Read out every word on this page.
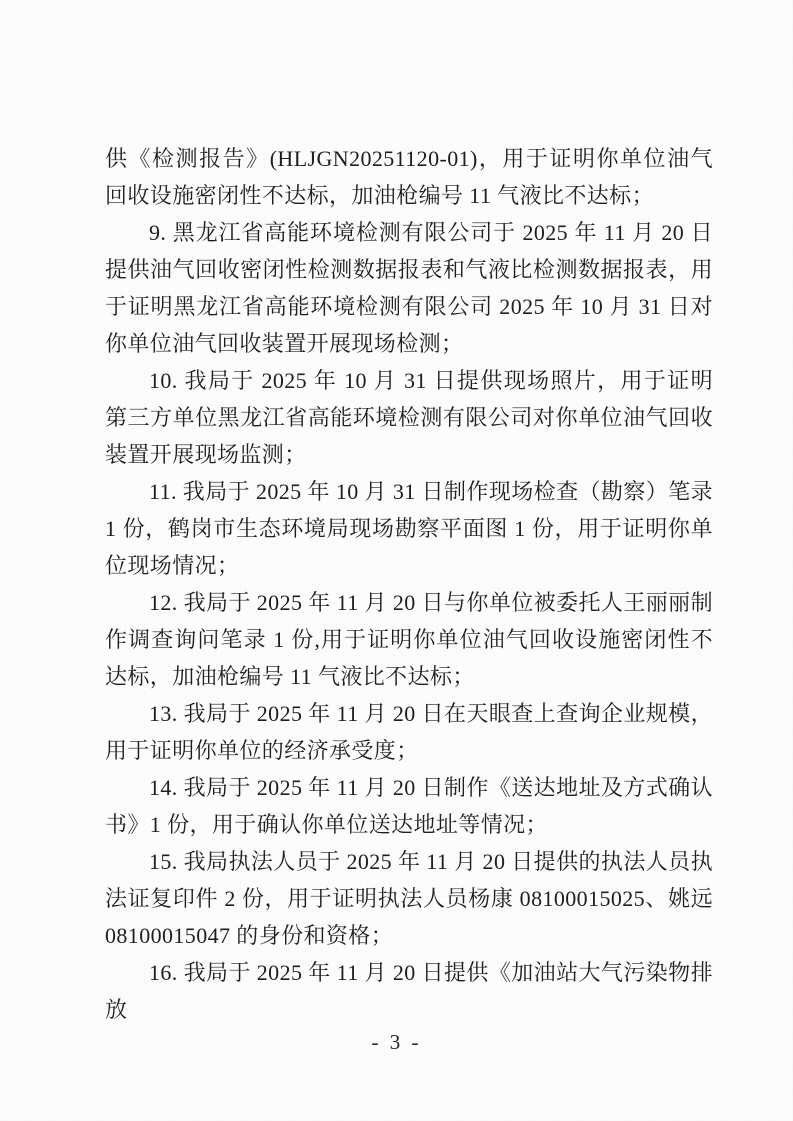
供《检测报告》(HLJGN20251120-01)，用于证明你单位油气回收设施密闭性不达标，加油枪编号 11 气液比不达标；

9. 黑龙江省高能环境检测有限公司于 2025 年 11 月 20 日提供油气回收密闭性检测数据报表和气液比检测数据报表，用于证明黑龙江省高能环境检测有限公司 2025 年 10 月 31 日对你单位油气回收装置开展现场检测；

10. 我局于 2025 年 10 月 31 日提供现场照片，用于证明第三方单位黑龙江省高能环境检测有限公司对你单位油气回收装置开展现场监测；

11. 我局于 2025 年 10 月 31 日制作现场检查（勘察）笔录 1 份，鹤岗市生态环境局现场勘察平面图 1 份，用于证明你单位现场情况；

12. 我局于 2025 年 11 月 20 日与你单位被委托人王丽丽制作调查询问笔录 1 份,用于证明你单位油气回收设施密闭性不达标，加油枪编号 11 气液比不达标；

13. 我局于 2025 年 11 月 20 日在天眼查上查询企业规模，用于证明你单位的经济承受度；

14. 我局于 2025 年 11 月 20 日制作《送达地址及方式确认书》1 份，用于确认你单位送达地址等情况；

15. 我局执法人员于 2025 年 11 月 20 日提供的执法人员执法证复印件 2 份，用于证明执法人员杨康 08100015025、姚远 08100015047 的身份和资格；

16. 我局于 2025 年 11 月 20 日提供《加油站大气污染物排放

- 3 -
